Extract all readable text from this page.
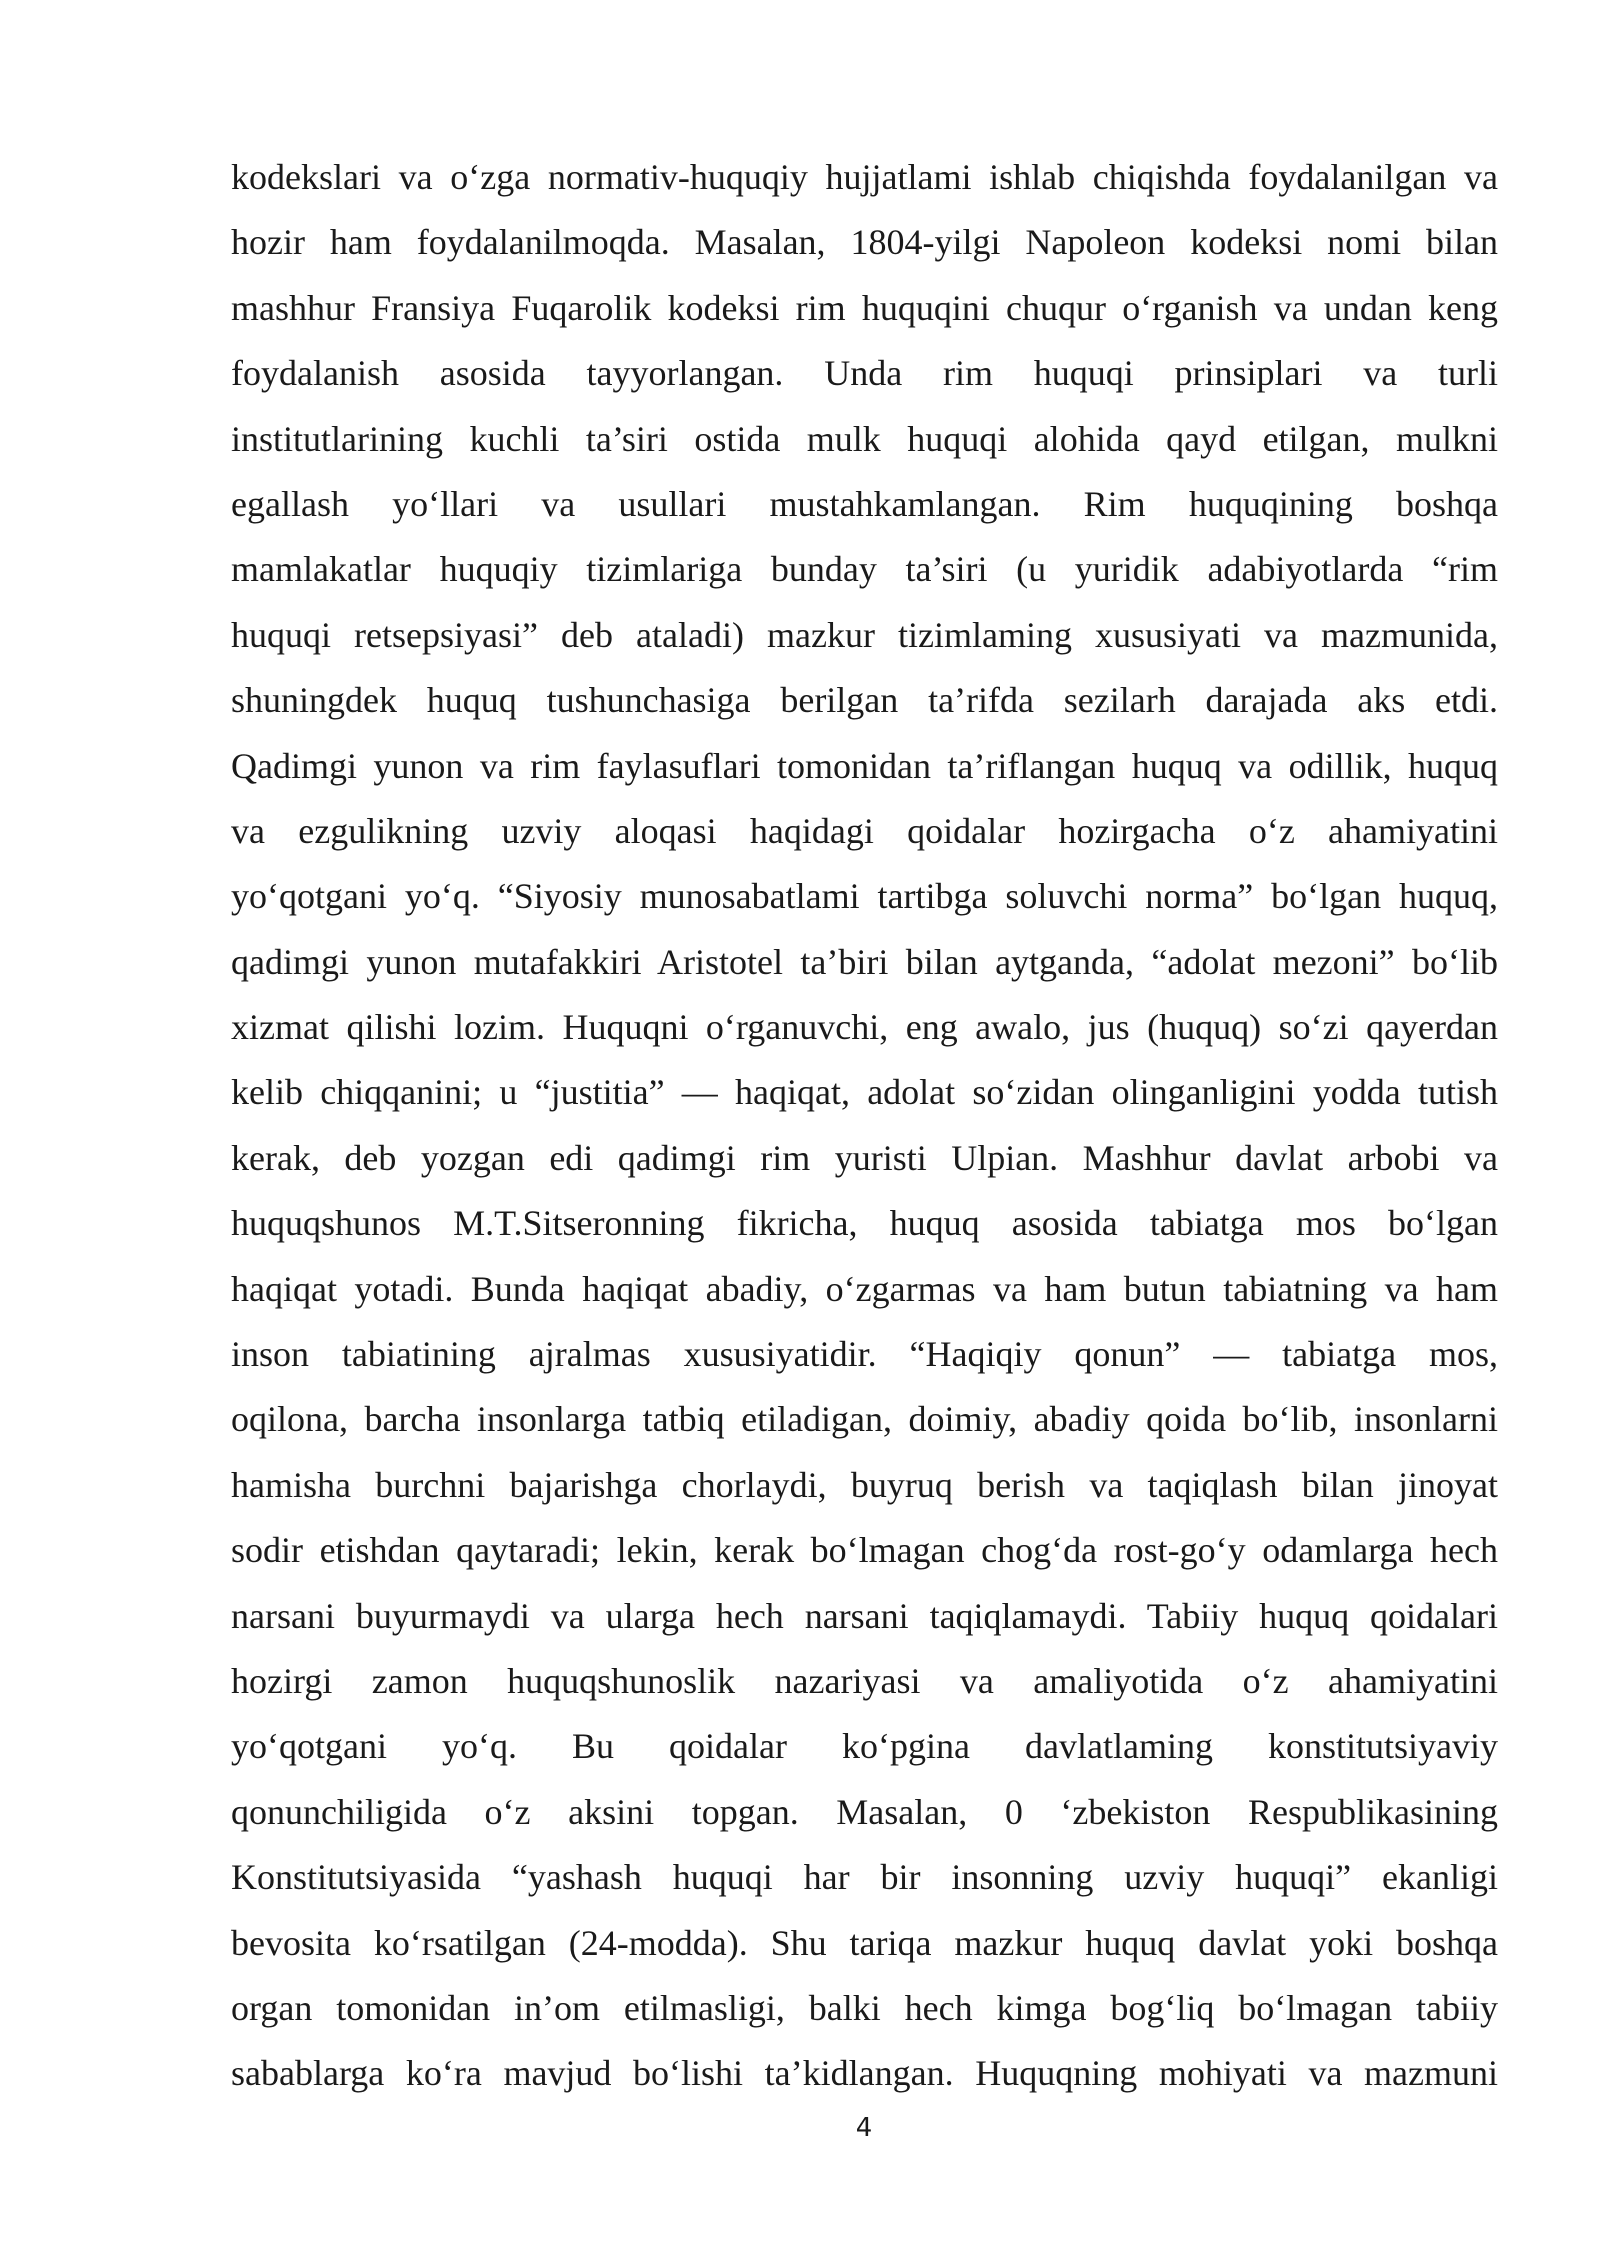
kodekslari va o‘zga normativ-huquqiy hujjatlami ishlab chiqishda foydalanilgan va
hozir ham foydalanilmoqda. Masalan, 1804-yilgi Napoleon kodeksi nomi bilan
mashhur Fransiya Fuqarolik kodeksi rim huquqini chuqur o‘rganish va undan keng
foydalanish asosida tayyorlangan. Unda rim huquqi prinsiplari va turli
institutlarining kuchli ta’siri ostida mulk huquqi alohida qayd etilgan, mulkni
egallash yo‘llari va usullari mustahkamlangan. Rim huquqining boshqa
mamlakatlar huquqiy tizimlariga bunday ta’siri (u yuridik adabiyotlarda “rim
huquqi retsepsiyasi” deb ataladi) mazkur tizimlaming xususiyati va mazmunida,
shuningdek huquq tushunchasiga berilgan ta’rifda sezilarh darajada aks etdi.
Qadimgi yunon va rim faylasuflari tomonidan ta’riflangan huquq va odillik, huquq
va ezgulikning uzviy aloqasi haqidagi qoidalar hozirgacha o‘z ahamiyatini
yo‘qotgani yo‘q. “Siyosiy munosabatlami tartibga soluvchi norma” bo‘lgan huquq,
qadimgi yunon mutafakkiri Aristotel ta’biri bilan aytganda, “adolat mezoni” bo‘lib
xizmat qilishi lozim. Huquqni o‘rganuvchi, eng awalo, jus (huquq) so‘zi qayerdan
kelib chiqqanini; u “justitia” — haqiqat, adolat so‘zidan olinganligini yodda tutish
kerak, deb yozgan edi qadimgi rim yuristi Ulpian. Mashhur davlat arbobi va
huquqshunos M.T.Sitseronning fikricha, huquq asosida tabiatga mos bo‘lgan
haqiqat yotadi. Bunda haqiqat abadiy, o‘zgarmas va ham butun tabiatning va ham
inson tabiatining ajralmas xususiyatidir. “Haqiqiy qonun” — tabiatga mos,
oqilona, barcha insonlarga tatbiq etiladigan, doimiy, abadiy qoida bo‘lib, insonlarni
hamisha burchni bajarishga chorlaydi, buyruq berish va taqiqlash bilan jinoyat
sodir etishdan qaytaradi; lekin, kerak bo‘lmagan chog‘da rost-go‘y odamlarga hech
narsani buyurmaydi va ularga hech narsani taqiqlamaydi. Tabiiy huquq qoidalari
hozirgi zamon huquqshunoslik nazariyasi va amaliyotida o‘z ahamiyatini
yo‘qotgani yo‘q. Bu qoidalar ko‘pgina davlatlaming konstitutsiyaviy
qonunchiligida o‘z aksini topgan. Masalan, 0 ‘zbekiston Respublikasining
Konstitutsiyasida “yashash huquqi har bir insonning uzviy huquqi” ekanligi
bevosita ko‘rsatilgan (24-modda). Shu tariqa mazkur huquq davlat yoki boshqa
organ tomonidan in’om etilmasligi, balki hech kimga bog‘liq bo‘lmagan tabiiy
sabablarga ko‘ra mavjud bo‘lishi ta’kidlangan. Huquqning mohiyati va mazmuni
4
